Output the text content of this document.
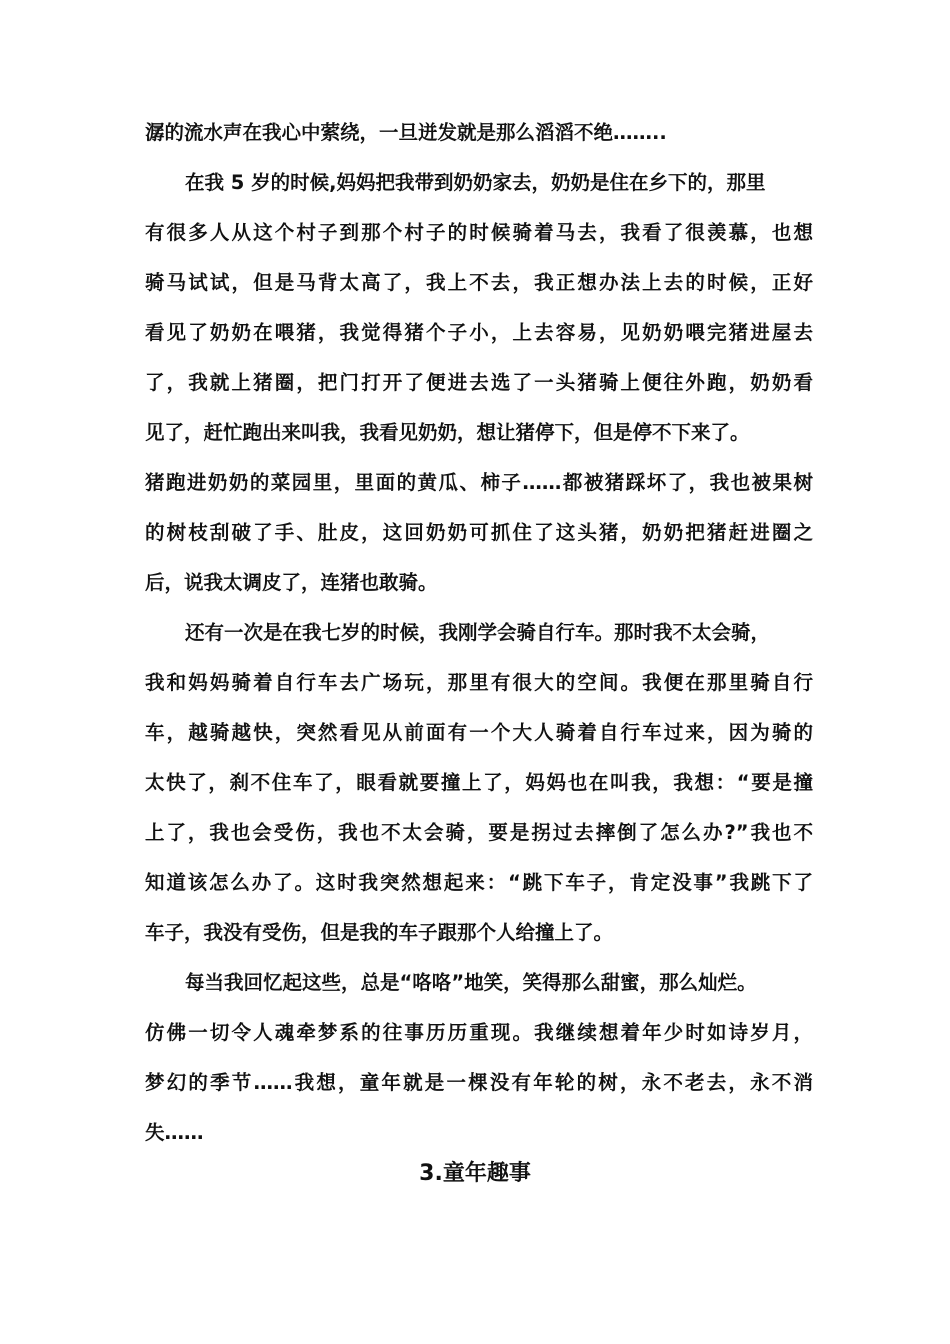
潺的流水声在我心中萦绕，一旦迸发就是那么滔滔不绝……..
在我 5 岁的时候,妈妈把我带到奶奶家去，奶奶是住在乡下的，那里
有很多人从这个村子到那个村子的时候骑着马去，我看了很羡慕，也想
骑马试试，但是马背太高了，我上不去，我正想办法上去的时候，正好
看见了奶奶在喂猪，我觉得猪个子小，上去容易，见奶奶喂完猪进屋去
了，我就上猪圈，把门打开了便进去选了一头猪骑上便往外跑，奶奶看
见了，赶忙跑出来叫我，我看见奶奶，想让猪停下，但是停不下来了。
猪跑进奶奶的菜园里，里面的黄瓜、柿子……都被猪踩坏了，我也被果树
的树枝刮破了手、肚皮，这回奶奶可抓住了这头猪，奶奶把猪赶进圈之
后，说我太调皮了，连猪也敢骑。
还有一次是在我七岁的时候，我刚学会骑自行车。那时我不太会骑，
我和妈妈骑着自行车去广场玩，那里有很大的空间。我便在那里骑自行
车，越骑越快，突然看见从前面有一个大人骑着自行车过来，因为骑的
太快了，刹不住车了，眼看就要撞上了，妈妈也在叫我，我想：“要是撞
上了，我也会受伤，我也不太会骑，要是拐过去摔倒了怎么办?”我也不
知道该怎么办了。这时我突然想起来：“跳下车子，肯定没事”我跳下了
车子，我没有受伤，但是我的车子跟那个人给撞上了。
每当我回忆起这些，总是“咯咯”地笑，笑得那么甜蜜，那么灿烂。
仿佛一切令人魂牵梦系的往事历历重现。我继续想着年少时如诗岁月，
梦幻的季节……我想，童年就是一棵没有年轮的树，永不老去，永不消
失……
3.童年趣事
